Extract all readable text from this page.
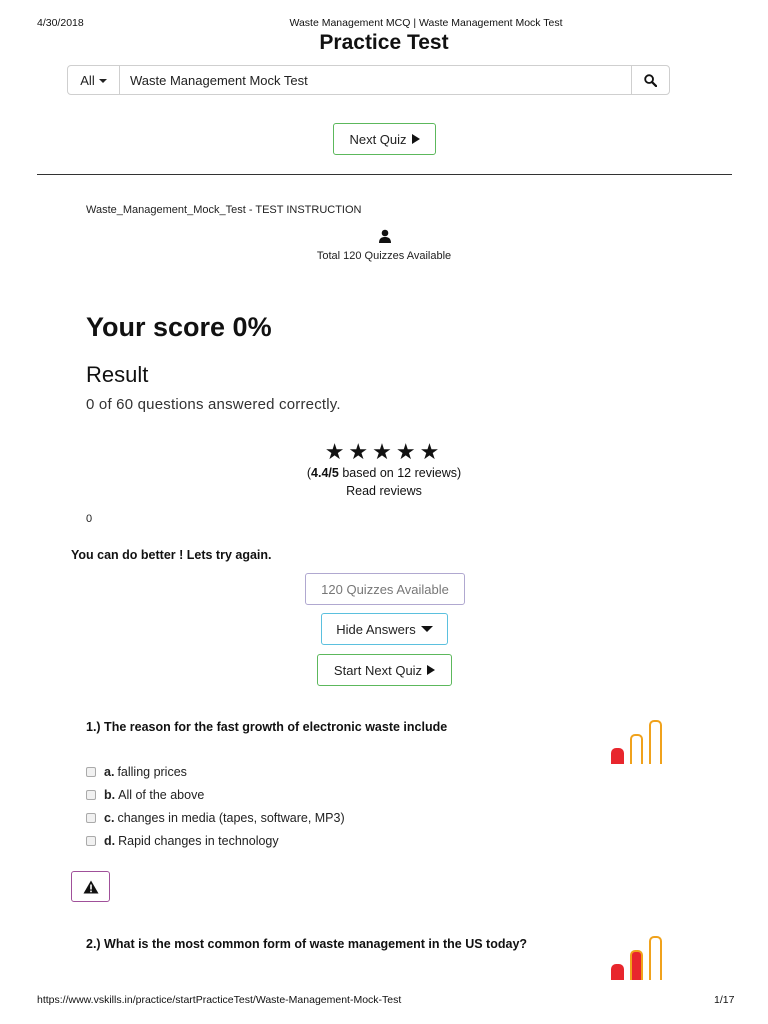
4/30/2018	Waste Management MCQ | Waste Management Mock Test
Practice Test
All
Waste Management Mock Test
Next Quiz
Waste_Management_Mock_Test - TEST INSTRUCTION
Total 120 Quizzes Available
Your score 0%
Result
0 of 60 questions answered correctly.
★★★★★
(4.4/5 based on 12 reviews)
Read reviews
0
You can do better ! Lets try again.
120 Quizzes Available
Hide Answers
Start Next Quiz
1.) The reason for the fast growth of electronic waste include
a. falling prices
b. All of the above
c. changes in media (tapes, software, MP3)
d. Rapid changes in technology
2.) What is the most common form of waste management in the US today?
https://www.vskills.in/practice/startPracticeTest/Waste-Management-Mock-Test	1/17
